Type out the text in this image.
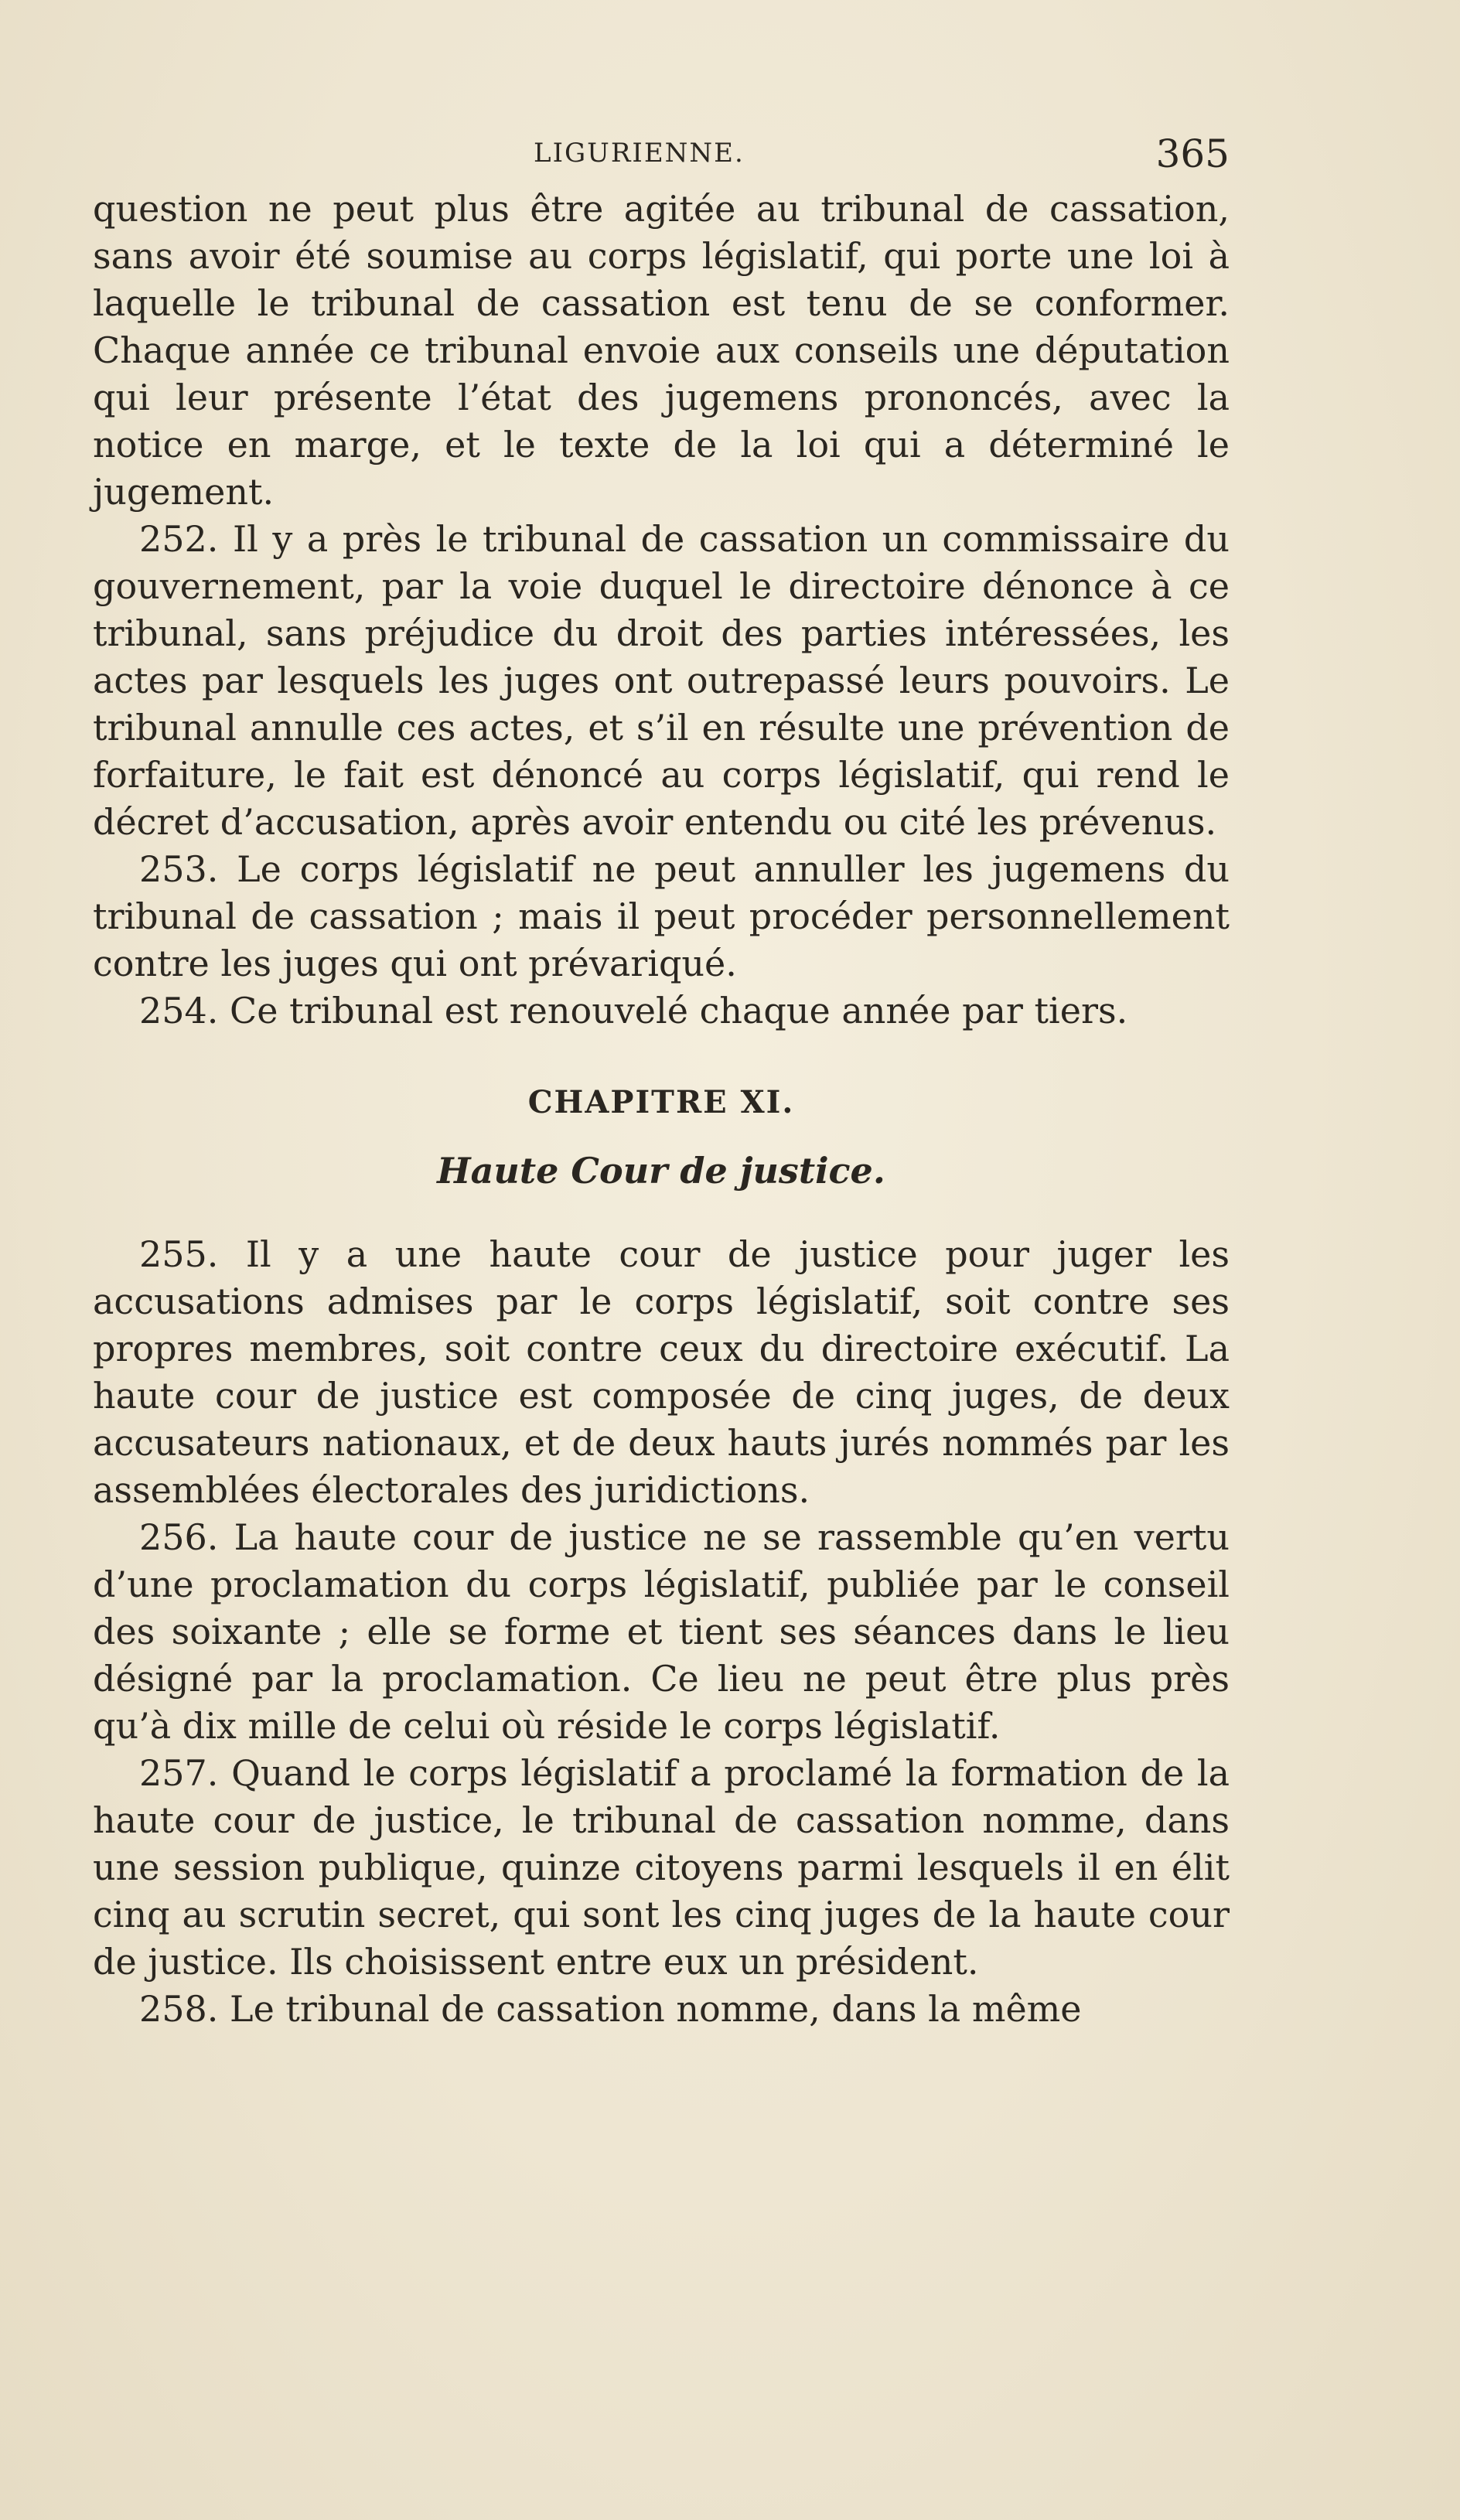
LIGURIENNE.	365

question ne peut plus être agitée au tribunal de cassation, sans avoir été soumise au corps législatif, qui porte une loi à laquelle le tribunal de cassation est tenu de se conformer. Chaque année ce tribunal envoie aux conseils une députation qui leur présente l’état des jugemens prononcés, avec la notice en marge, et le texte de la loi qui a déterminé le jugement.

252. Il y a près le tribunal de cassation un commissaire du gouvernement, par la voie duquel le directoire dénonce à ce tribunal, sans préjudice du droit des parties intéressées, les actes par lesquels les juges ont outrepassé leurs pouvoirs. Le tribunal annulle ces actes, et s’il en résulte une prévention de forfaiture, le fait est dénoncé au corps législatif, qui rend le décret d’accusation, après avoir entendu ou cité les prévenus.

253. Le corps législatif ne peut annuller les jugemens du tribunal de cassation ; mais il peut procéder personnellement contre les juges qui ont prévariqué.

254. Ce tribunal est renouvelé chaque année par tiers.

CHAPITRE XI.
Haute Cour de justice.

255. Il y a une haute cour de justice pour juger les accusations admises par le corps législatif, soit contre ses propres membres, soit contre ceux du directoire exécutif. La haute cour de justice est composée de cinq juges, de deux accusateurs nationaux, et de deux hauts jurés nommés par les assemblées électorales des juridictions.

256. La haute cour de justice ne se rassemble qu’en vertu d’une proclamation du corps législatif, publiée par le conseil des soixante ; elle se forme et tient ses séances dans le lieu désigné par la proclamation. Ce lieu ne peut être plus près qu’à dix mille de celui où réside le corps législatif.

257. Quand le corps législatif a proclamé la formation de la haute cour de justice, le tribunal de cassation nomme, dans une session publique, quinze citoyens parmi lesquels il en élit cinq au scrutin secret, qui sont les cinq juges de la haute cour de justice. Ils choisissent entre eux un président.

258. Le tribunal de cassation nomme, dans la même
